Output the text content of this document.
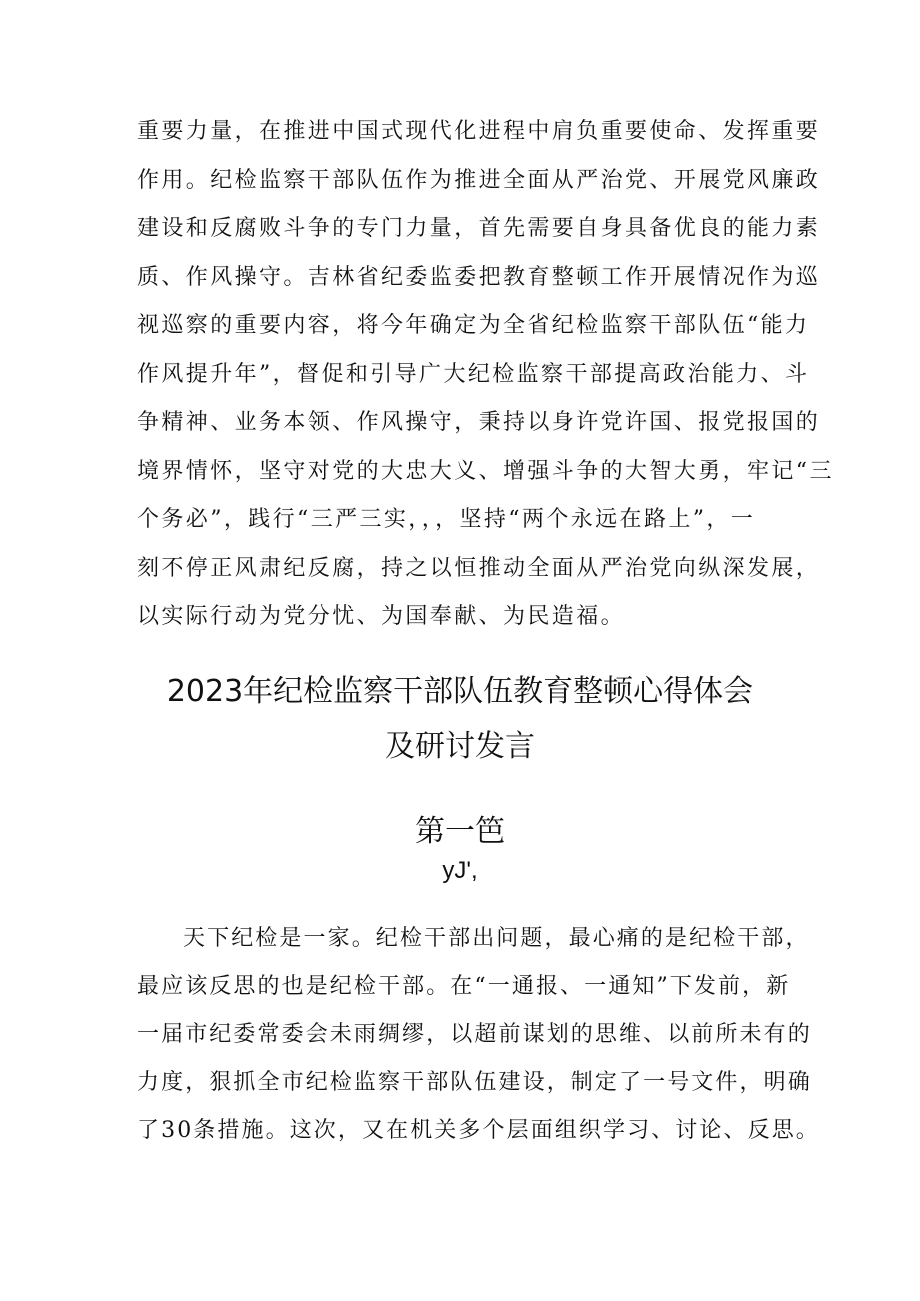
重要力量，在推进中国式现代化进程中肩负重要使命、发挥重要
作用。纪检监察干部队伍作为推进全面从严治党、开展党风廉政
建设和反腐败斗争的专门力量，首先需要自身具备优良的能力素
质、作风操守。吉林省纪委监委把教育整顿工作开展情况作为巡
视巡察的重要内容，将今年确定为全省纪检监察干部队伍“能力
作风提升年”，督促和引导广大纪检监察干部提高政治能力、斗
争精神、业务本领、作风操守，秉持以身许党许国、报党报国的
境界情怀，坚守对党的大忠大义、增强斗争的大智大勇，牢记“三
个务必”，践行“三严三实，，，坚持“两个永远在路上”，一
刻不停正风肃纪反腐，持之以恒推动全面从严治党向纵深发展，
以实际行动为党分忧、为国奉献、为民造福。
2023年纪检监察干部队伍教育整顿心得体会
及研讨发言
第一笆
yJ',
天下纪检是一家。纪检干部出问题，最心痛的是纪检干部，
最应该反思的也是纪检干部。在“一通报、一通知”下发前，新
一届市纪委常委会未雨绸缪，以超前谋划的思维、以前所未有的
力度，狠抓全市纪检监察干部队伍建设，制定了一号文件，明确
了30条措施。这次，又在机关多个层面组织学习、讨论、反思。
